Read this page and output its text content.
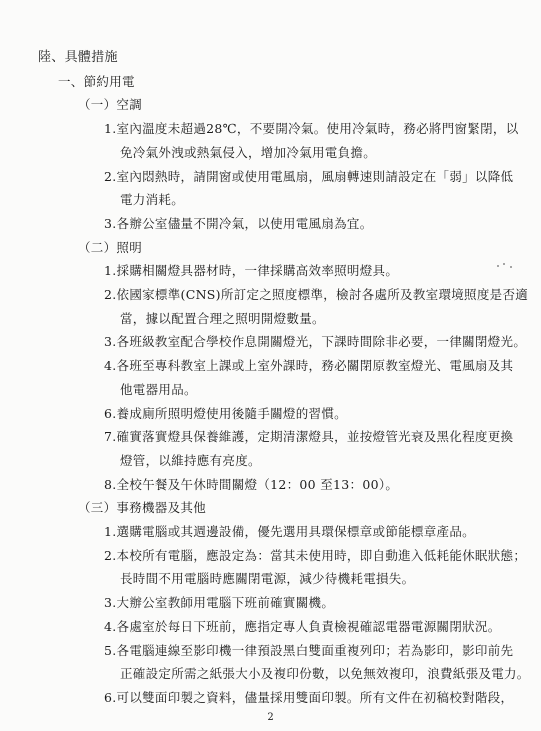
陸、具體措施
一、節約用電
（一）空調
1.室內溫度未超過28℃，不要開冷氣。使用冷氣時，務必將門窗緊閉，以
免冷氣外洩或熱氣侵入，增加冷氣用電負擔。
2.室內悶熱時，請開窗或使用電風扇，風扇轉速則請設定在「弱」以降低
電力消耗。
3.各辦公室儘量不開冷氣，以使用電風扇為宜。
（二）照明
1.採購相關燈具器材時，一律採購高效率照明燈具。
2.依國家標準(CNS)所訂定之照度標準，檢討各處所及教室環境照度是否適
當，據以配置合理之照明開燈數量。
3.各班級教室配合學校作息開關燈光，下課時間除非必要，一律關閉燈光。
4.各班至專科教室上課或上室外課時，務必關閉原教室燈光、電風扇及其
他電器用品。
6.養成廁所照明燈使用後隨手關燈的習慣。
7.確實落實燈具保養維護，定期清潔燈具，並按燈管光衰及黑化程度更換
燈管，以維持應有亮度。
8.全校午餐及午休時間關燈（12：00 至13：00）。
（三）事務機器及其他
1.選購電腦或其週邊設備，優先選用具環保標章或節能標章產品。
2.本校所有電腦，應設定為：當其未使用時，即自動進入低耗能休眠狀態；
長時間不用電腦時應關閉電源，減少待機耗電損失。
3.大辦公室教師用電腦下班前確實關機。
4.各處室於每日下班前，應指定專人負責檢視確認電器電源關閉狀況。
5.各電腦連線至影印機一律預設黑白雙面重複列印；若為影印，影印前先
正確設定所需之紙張大小及複印份數，以免無效複印，浪費紙張及電力。
6.可以雙面印製之資料，儘量採用雙面印製。所有文件在初稿校對階段，
2
